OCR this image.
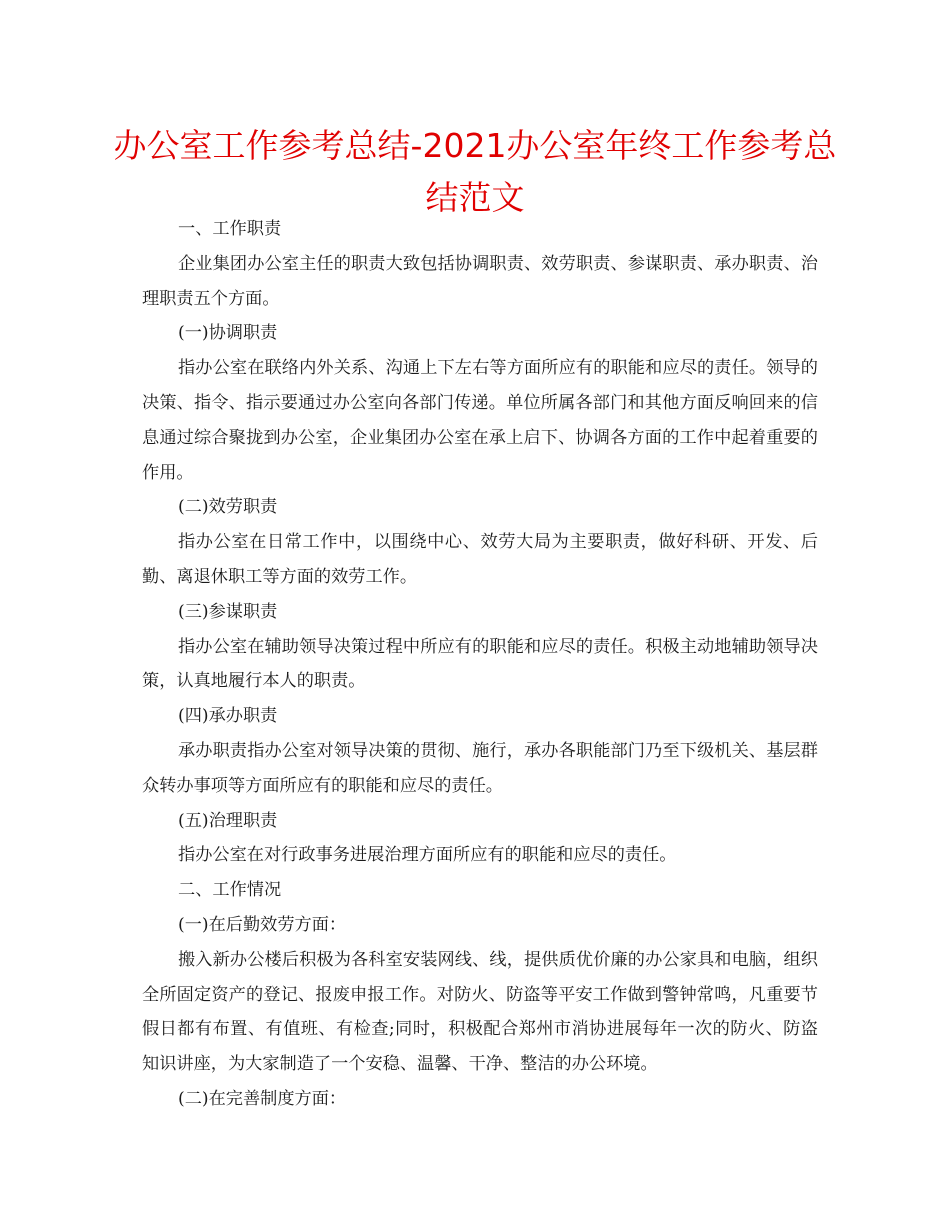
办公室工作参考总结-2021办公室年终工作参考总结范文

一、工作职责

企业集团办公室主任的职责大致包括协调职责、效劳职责、参谋职责、承办职责、治理职责五个方面。

(一)协调职责

指办公室在联络内外关系、沟通上下左右等方面所应有的职能和应尽的责任。领导的决策、指令、指示要通过办公室向各部门传递。单位所属各部门和其他方面反响回来的信息通过综合聚拢到办公室，企业集团办公室在承上启下、协调各方面的工作中起着重要的作用。

(二)效劳职责

指办公室在日常工作中，以围绕中心、效劳大局为主要职责，做好科研、开发、后勤、离退休职工等方面的效劳工作。

(三)参谋职责

指办公室在辅助领导决策过程中所应有的职能和应尽的责任。积极主动地辅助领导决策，认真地履行本人的职责。

(四)承办职责

承办职责指办公室对领导决策的贯彻、施行，承办各职能部门乃至下级机关、基层群众转办事项等方面所应有的职能和应尽的责任。

(五)治理职责

指办公室在对行政事务进展治理方面所应有的职能和应尽的责任。

二、工作情况

(一)在后勤效劳方面：

搬入新办公楼后积极为各科室安装网线、线，提供质优价廉的办公家具和电脑，组织全所固定资产的登记、报废申报工作。对防火、防盗等平安工作做到警钟常鸣，凡重要节假日都有布置、有值班、有检查;同时，积极配合郑州市消协进展每年一次的防火、防盗知识讲座，为大家制造了一个安稳、温馨、干净、整洁的办公环境。

(二)在完善制度方面：
